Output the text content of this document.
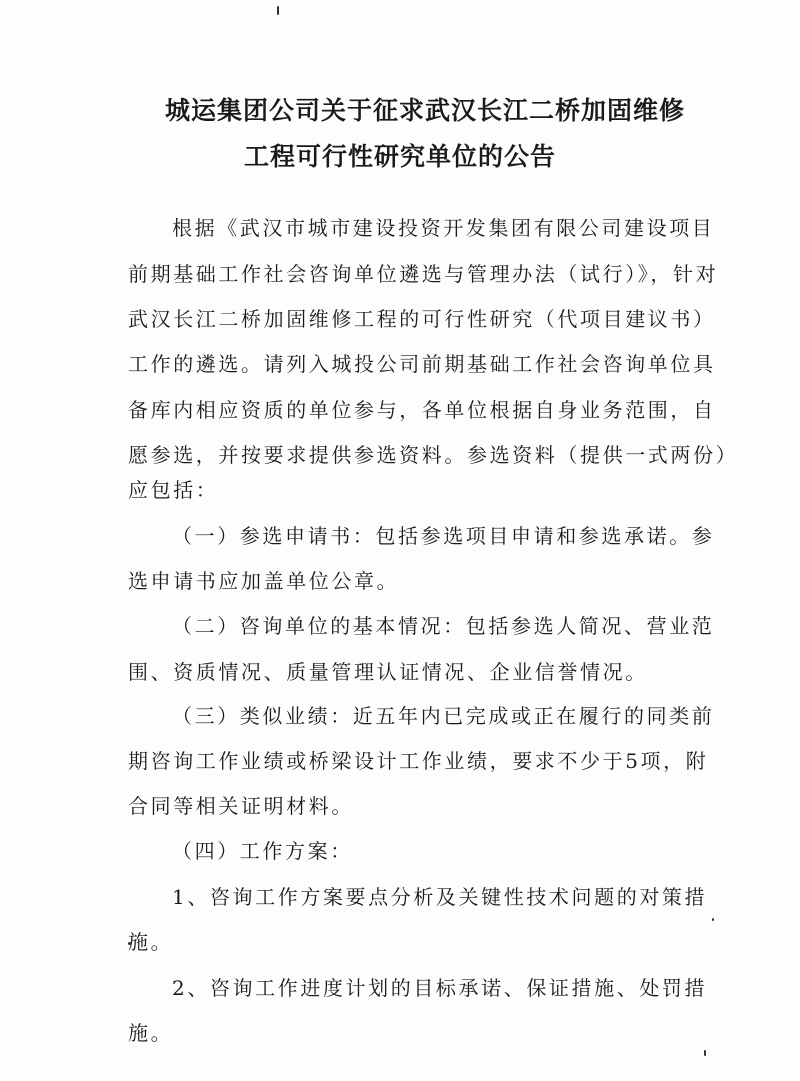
城运集团公司关于征求武汉长江二桥加固维修
工程可行性研究单位的公告
根据《武汉市城市建设投资开发集团有限公司建设项目
前期基础工作社会咨询单位遴选与管理办法（试行）》，针对
武汉长江二桥加固维修工程的可行性研究（代项目建议书）
工作的遴选。请列入城投公司前期基础工作社会咨询单位具
备库内相应资质的单位参与，各单位根据自身业务范围，自
愿参选，并按要求提供参选资料。参选资料（提供一式两份）
应包括：
（一）参选申请书：包括参选项目申请和参选承诺。参
选申请书应加盖单位公章。
（二）咨询单位的基本情况：包括参选人简况、营业范
围、资质情况、质量管理认证情况、企业信誉情况。
（三）类似业绩：近五年内已完成或正在履行的同类前
期咨询工作业绩或桥梁设计工作业绩，要求不少于5项，附
合同等相关证明材料。
（四）工作方案：
1、咨询工作方案要点分析及关键性技术问题的对策措
施。
2、咨询工作进度计划的目标承诺、保证措施、处罚措
施。
